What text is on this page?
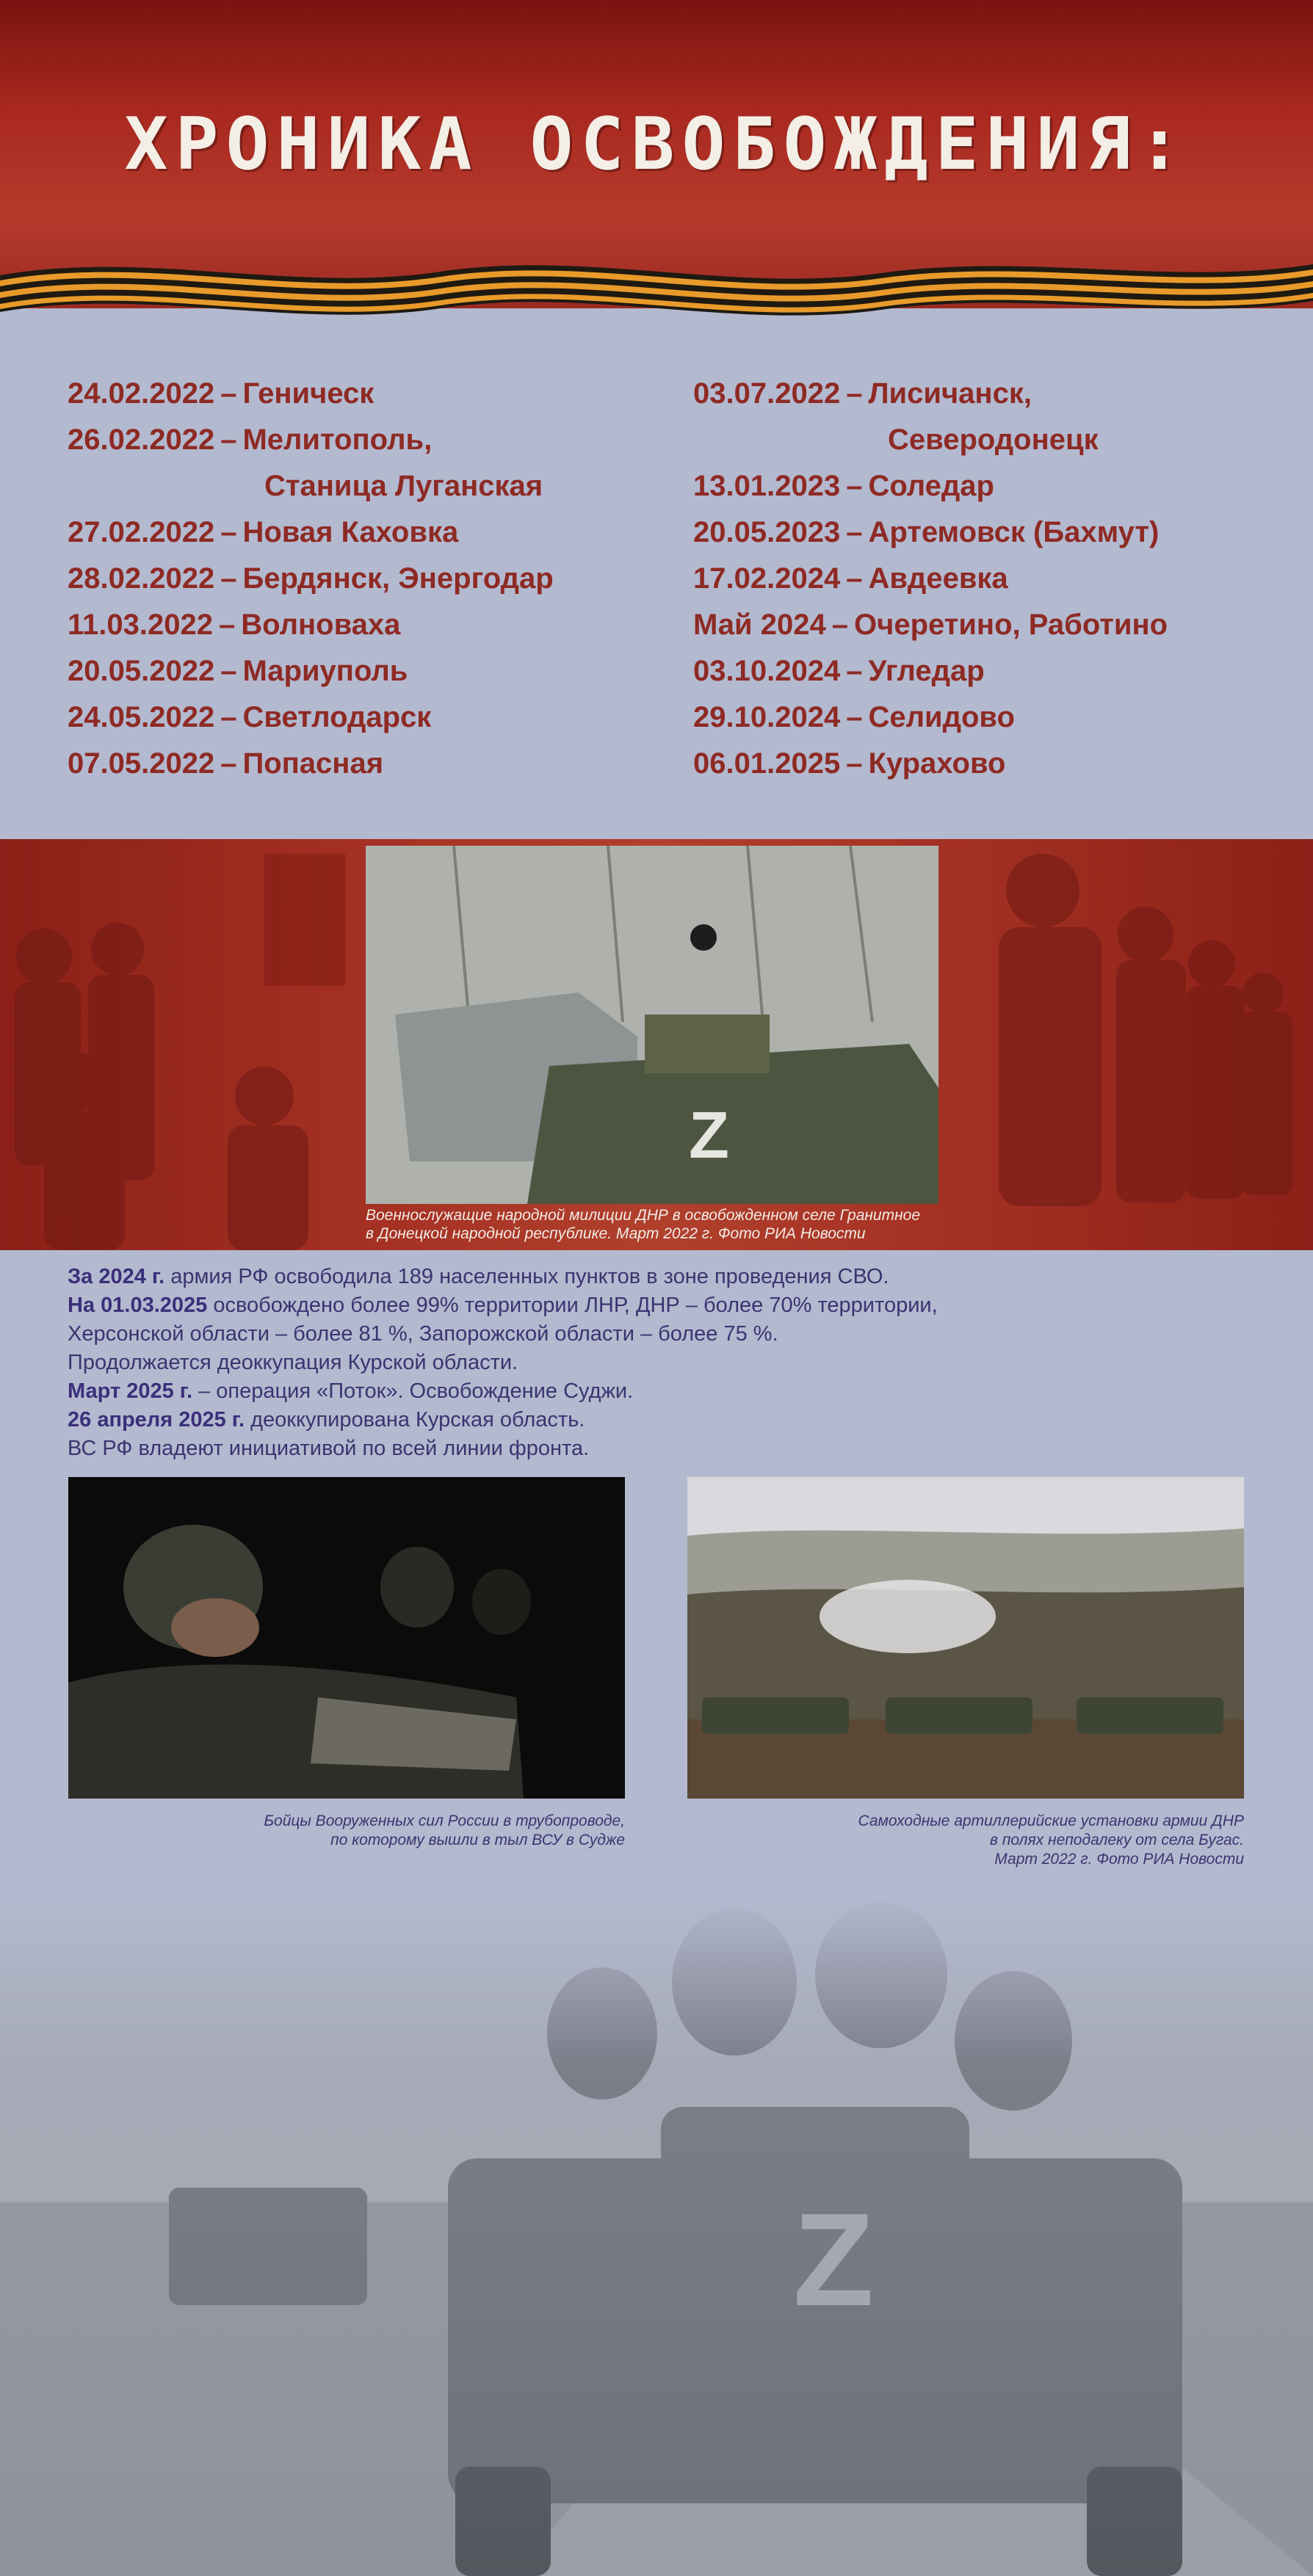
ХРОНИКА ОСВОБОЖДЕНИЯ:
24.02.2022 – Геническ
26.02.2022 – Мелитополь,
Станица Луганская
27.02.2022 – Новая Каховка
28.02.2022 – Бердянск, Энергодар
11.03.2022 – Волноваха
20.05.2022 – Мариуполь
24.05.2022 – Светлодарск
07.05.2022 – Попасная
03.07.2022 – Лисичанск,
Северодонецк
13.01.2023 – Соледар
20.05.2023 – Артемовск (Бахмут)
17.02.2024 – Авдеевка
Май 2024 – Очеретино, Работино
03.10.2024 – Угледар
29.10.2024 – Селидово
06.01.2025 – Курахово
Z
Военнослужащие народной милиции ДНР в освобожденном селе Гранитное
в Донецкой народной республике. Март 2022 г. Фото РИА Новости
За 2024 г. армия РФ освободила 189 населенных пунктов в зоне проведения СВО.
На 01.03.2025 освобождено более 99% территории ЛНР, ДНР – более 70% территории,
Херсонской области – более 81 %, Запорожской области – более 75 %.
Продолжается деоккупация Курской области.
Март 2025 г. – операция «Поток». Освобождение Суджи.
26 апреля 2025 г. деоккупирована Курская область.
ВС РФ владеют инициативой по всей линии фронта.
Бойцы Вооруженных сил России в трубопроводе,
по которому вышли в тыл ВСУ в Судже
Самоходные артиллерийские установки армии ДНР
в полях неподалеку от села Бугас.
Март 2022 г. Фото РИА Новости
